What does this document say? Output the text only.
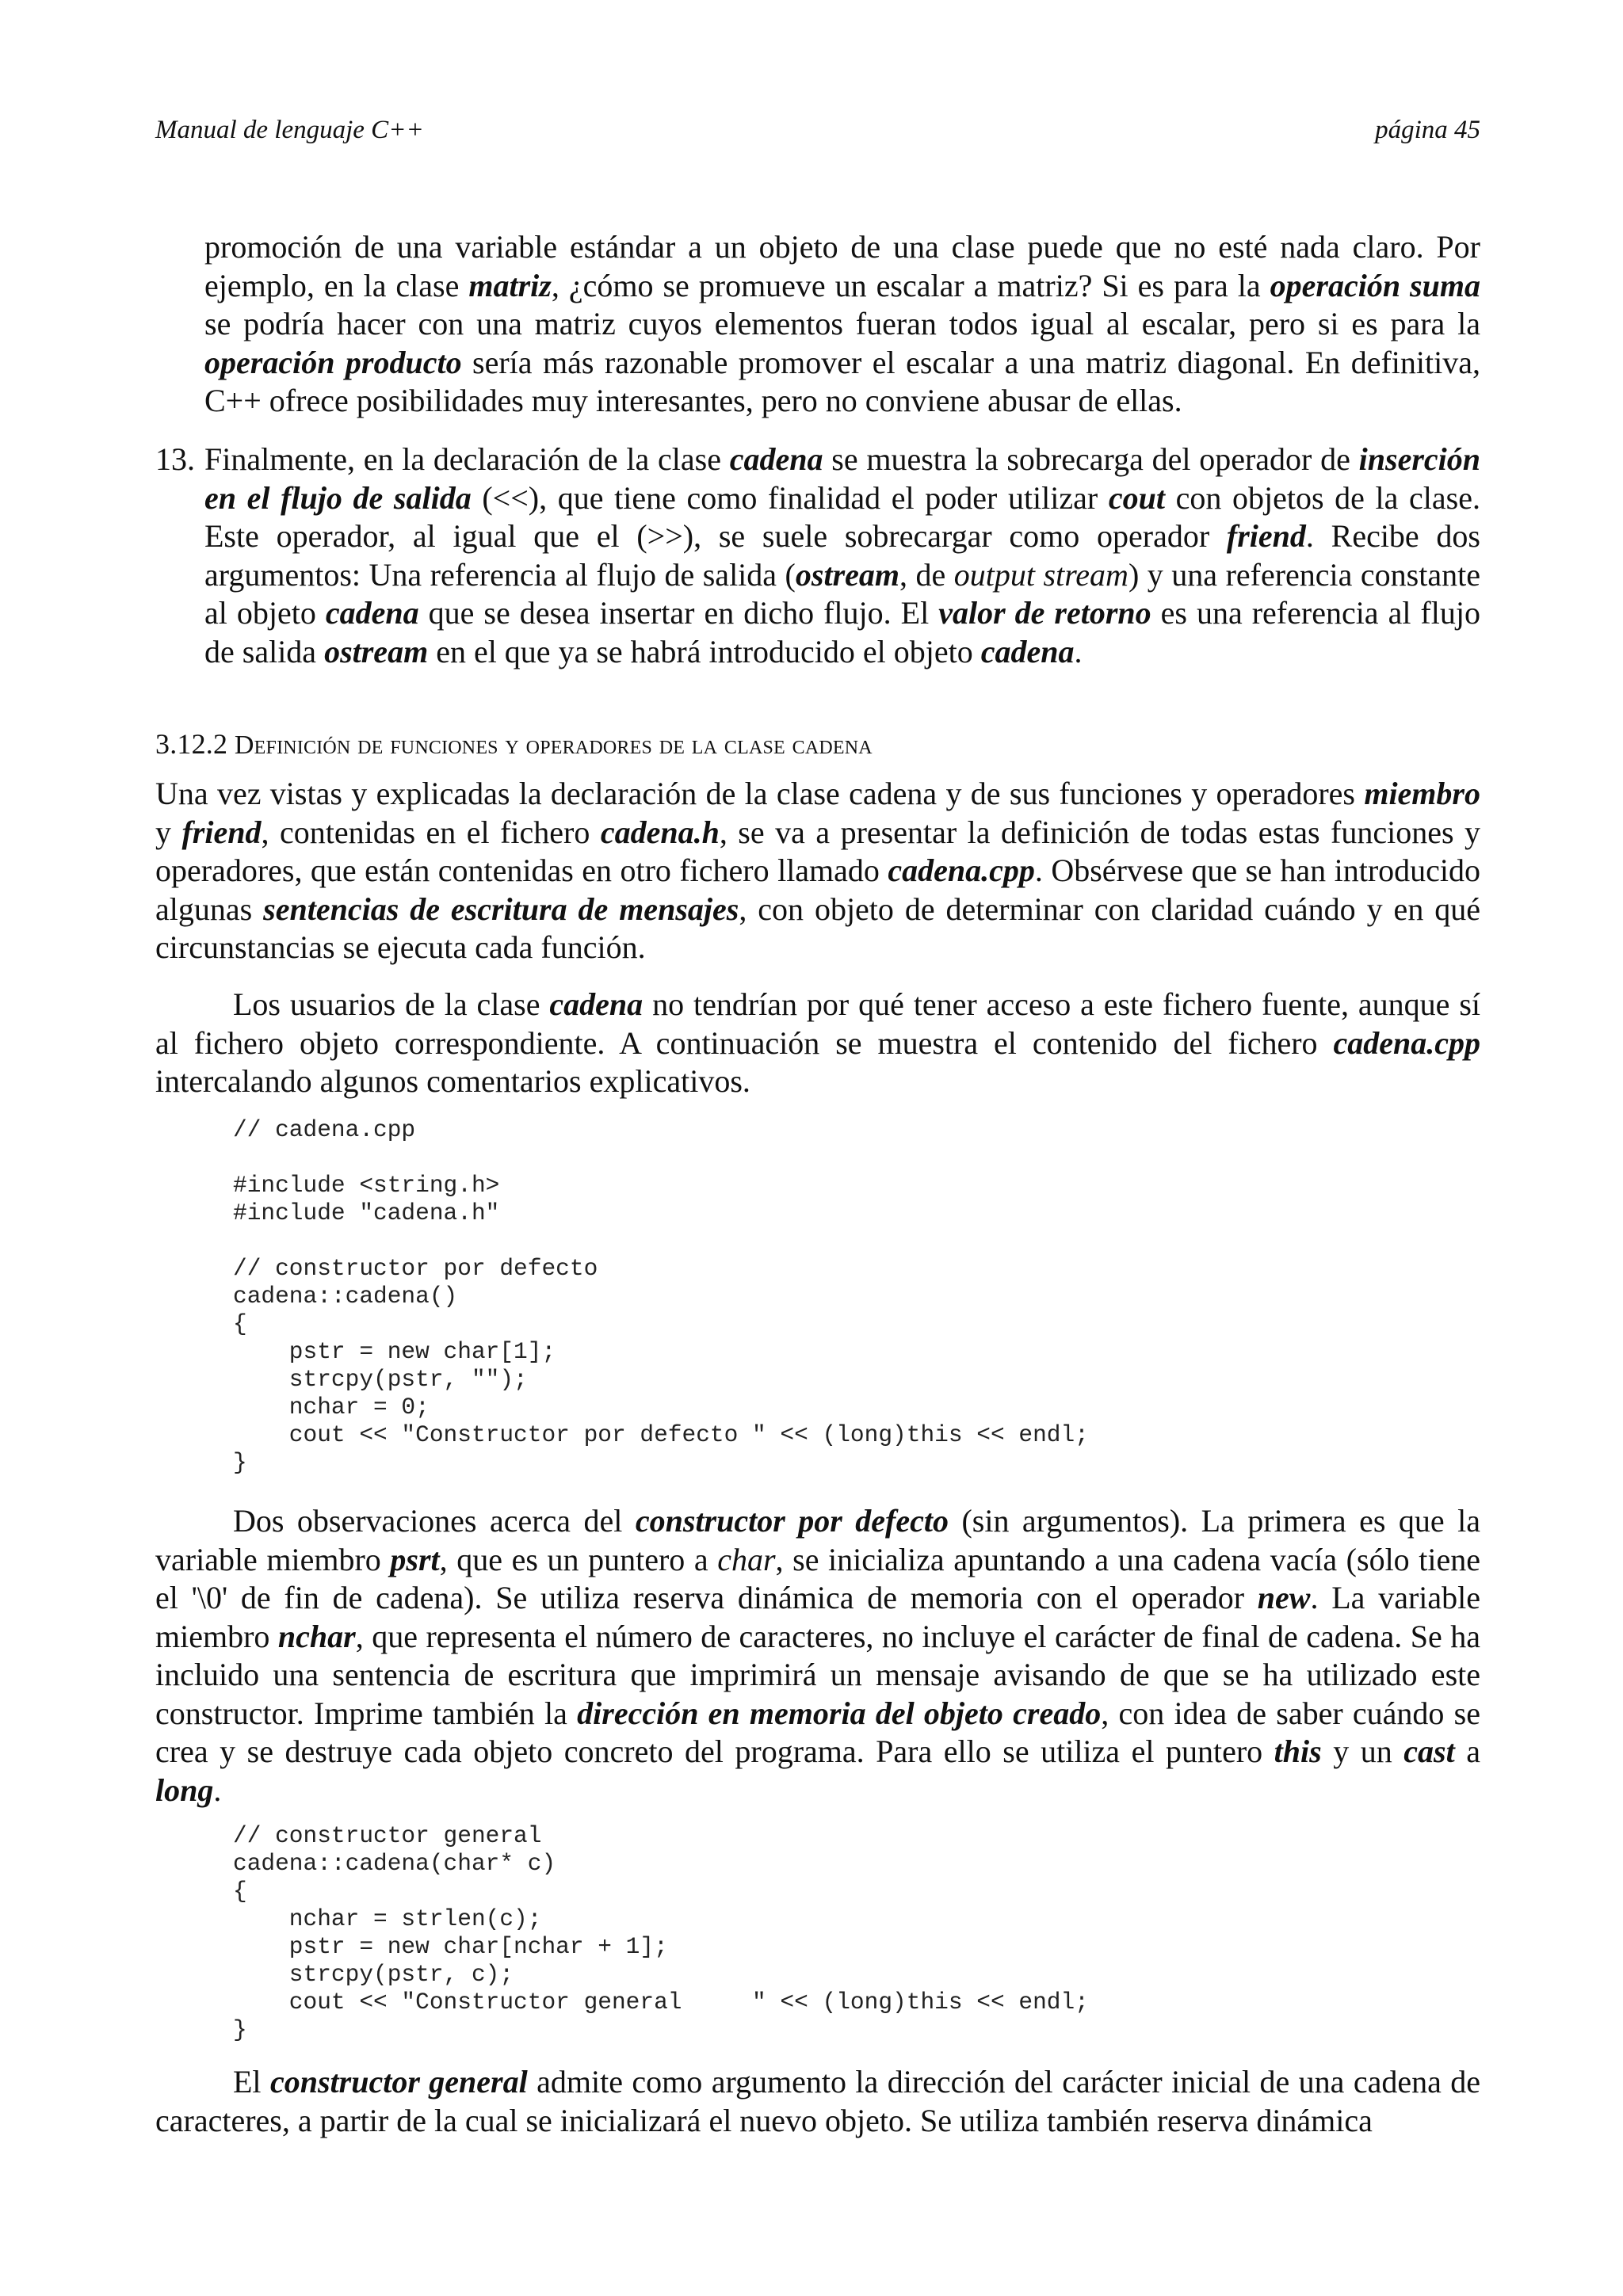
Manual de lenguaje C++	página 45

promoción de una variable estándar a un objeto de una clase puede que no esté nada claro. Por ejemplo, en la clase matriz, ¿cómo se promueve un escalar a matriz? Si es para la operación suma se podría hacer con una matriz cuyos elementos fueran todos igual al escalar, pero si es para la operación producto sería más razonable promover el escalar a una matriz diagonal. En definitiva, C++ ofrece posibilidades muy interesantes, pero no conviene abusar de ellas.

13. Finalmente, en la declaración de la clase cadena se muestra la sobrecarga del operador de inserción en el flujo de salida (<<), que tiene como finalidad el poder utilizar cout con objetos de la clase. Este operador, al igual que el (>>), se suele sobrecargar como operador friend. Recibe dos argumentos: Una referencia al flujo de salida (ostream, de output stream) y una referencia constante al objeto cadena que se desea insertar en dicho flujo. El valor de retorno es una referencia al flujo de salida ostream en el que ya se habrá introducido el objeto cadena.

3.12.2 Definición de funciones y operadores de la clase cadena

Una vez vistas y explicadas la declaración de la clase cadena y de sus funciones y operadores miembro y friend, contenidas en el fichero cadena.h, se va a presentar la definición de todas estas funciones y operadores, que están contenidas en otro fichero llamado cadena.cpp. Obsérvese que se han introducido algunas sentencias de escritura de mensajes, con objeto de determinar con claridad cuándo y en qué circunstancias se ejecuta cada función.

Los usuarios de la clase cadena no tendrían por qué tener acceso a este fichero fuente, aunque sí al fichero objeto correspondiente. A continuación se muestra el contenido del fichero cadena.cpp intercalando algunos comentarios explicativos.

// cadena.cpp

#include <string.h>
#include "cadena.h"

// constructor por defecto
cadena::cadena()
{
pstr = new char[1];
strcpy(pstr, "");
nchar = 0;
cout << "Constructor por defecto " << (long)this << endl;
}

Dos observaciones acerca del constructor por defecto (sin argumentos). La primera es que la variable miembro psrt, que es un puntero a char, se inicializa apuntando a una cadena vacía (sólo tiene el '\0' de fin de cadena). Se utiliza reserva dinámica de memoria con el operador new. La variable miembro nchar, que representa el número de caracteres, no incluye el carácter de final de cadena. Se ha incluido una sentencia de escritura que imprimirá un mensaje avisando de que se ha utilizado este constructor. Imprime también la dirección en memoria del objeto creado, con idea de saber cuándo se crea y se destruye cada objeto concreto del programa. Para ello se utiliza el puntero this y un cast a long.

// constructor general
cadena::cadena(char* c)
{
nchar = strlen(c);
pstr = new char[nchar + 1];
strcpy(pstr, c);
cout << "Constructor general     " << (long)this << endl;
}

El constructor general admite como argumento la dirección del carácter inicial de una cadena de caracteres, a partir de la cual se inicializará el nuevo objeto. Se utiliza también reserva dinámica
